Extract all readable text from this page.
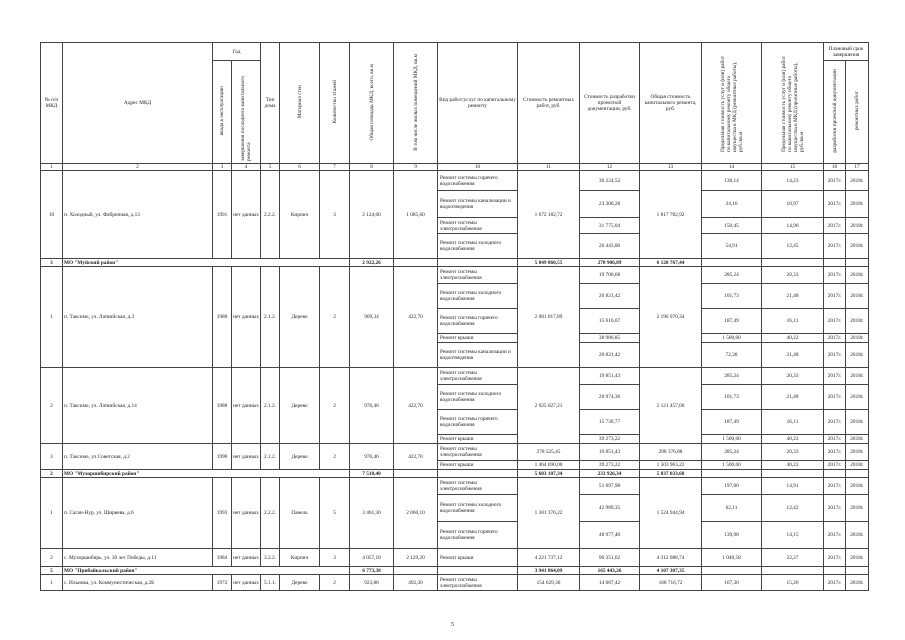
№ п/п МКД	Адрес МКД	Год		Тип дома	Материал стен	Количество этажей	Общая площадь МКД, всего, кв.м	В том числе жилых помещений МКД, кв.м	Вид работ/услуг по капитальному ремонту	Стоимость ремонтных работ, руб.	Стоимость разработки проектной документации, руб.	Общая стоимость капитального ремонта, руб.	Предельная стоимость услуг и (или) работ по капитальному ремонту общего имущества в МКД (ремонтные работы), руб./кв.м	Предельная стоимость услуг и (или) работ по капитальному ремонту общего имущества в МКД (проектные работы), руб./кв.м	Плановый срок завершения	
		ввода в эксплуатацию	завершения последнего капитального ремонта												разработки проектной документации	ремонтных работ
1	2	3	4	5	6	7	8	9	10	11	12	13	14	15	16	17
10	п. Холодный, ул. Фабричная, д.13	1991	нет данных	2.2.2.	Кирпич	3	2 124,00	1 085,60	Ремонт системы горячего водоснабжения	1 672 182,72	30 224,52	1 817 782,92	138,14	14,23	2017г.	2018г.
									Ремонт системы канализации и водоотведения		23 300,28		34,16	10,97	2017г.	2018г.
									Ремонт системы электроснабжения		31 775,04		150,45	14,96	2017г.	2018г.
									Ремонт системы холодного водоснабжения		26 443,80		54,91	12,45	2017г.	2018г.
3	МО "Муйский район"						2 922,26			5 849 860,55	270 906,89	6 120 767,44				
1	п. Таксимо, ул. Латвийская, д.3	1988	нет данных	2.1.2.	Дерево	2	969,34	422,70	Ремонт системы электроснабжения	2 081 017,89	19 706,68	2 196 970,34	285,24	20,33	2017г.	2018г.
									Ремонт системы холодного водоснабжения		20 821,42		101,73	21,48	2017г.	2018г.
									Ремонт системы горячего водоснабжения		15 616,07		187,49	16,11	2017г.	2018г.
									Ремонт крыши		38 986,85		1 500,00	40,22	2017г.	2018г.
									Ремонт системы канализации и водоотведения		20 821,42		72,38	21,48	2017г.	2018г.
2	п. Таксимо, ул. Латвийская, д.14	1988	нет данных	2.1.2.	Дерево	2	976,46	422,70	Ремонт системы электроснабжения	2 025 627,21	19 851,43	2 121 457,00	285,24	20,33	2017г.	2018г.
									Ремонт системы холодного водоснабжения		20 974,36		101,73	21,48	2017г.	2018г.
									Ремонт системы горячего водоснабжения		15 730,77		187,49	16,11	2017г.	2018г.
									Ремонт крыши		39 273,22		1 500,00	40,22	2017г.	2018г.
3	п. Таксимо, ул.Советская, д.2	1990	нет данных	2.1.2.	Дерево	2	976,46	422,70	Ремонт системы электроснабжения	278 525,45	19 851,43	298 376,88	285,24	20,33	2017г.	2018г.
									Ремонт крыши	1 464 690,00	39 273,22	1 503 963,22	1 500,00	40,22	2017г.	2018г.
2	МО "Мухоршибирский район"						7 518,40			5 603 107,34	233 926,34	5 837 033,68				
1	п. Саган-Нур, ул. Ширяева, д.6	1993	нет данных	2.2.2.	Панель	5	3 461,30	2 060,10	Ремонт системы электроснабжения	1 381 370,22	51 697,98	1 524 944,94	197,00	14,91	2017г.	2018г.
									Ремонт системы холодного водоснабжения		42 989,35		62,11	12,42	2017г.	2018г.
									Ремонт системы горячего водоснабжения		48 977,40		139,98	14,15	2017г.	2018г.
2	с. Мухоршибирь, ул. 30 лет Победы, д.11	1984	нет данных	3.2.2.	Кирпич	3	4 057,10	2 129,20	Ремонт крыши	4 221 737,12	90 351,62	4 312 088,74	1 040,58	22,27	2017г.	2018г.
5	МО "Прибайкальский район"						6 773,38			3 941 864,09	165 443,26	4 107 307,35				
1	с. Ильинка, ул. Коммунистическая, д.2Б	1972	нет данных	5.1.1.	Дерево	2	923,86	492,30	Ремонт системы электроснабжения	154 629,30	14 087,42	168 716,72	167,30	15,26	2017г.	2018г.
5
